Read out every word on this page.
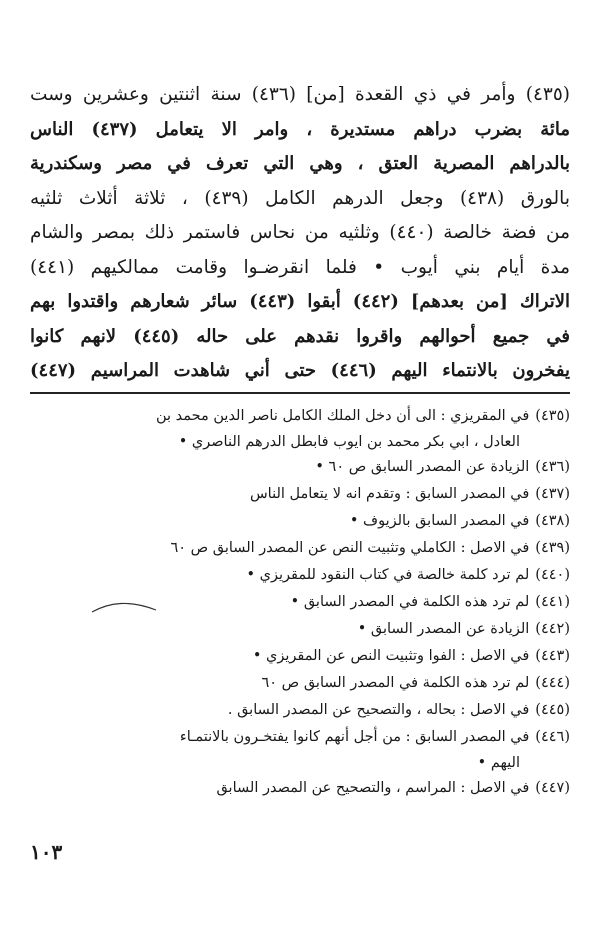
(٤٣٥) وأمر في ذي القعدة [من] (٤٣٦) سنة اثنتين وعشرين وست
مائة بضرب دراهم مستديرة ، وامر الا يتعامل (٤٣٧) الناس
بالدراهم المصرية العتق ، وهي التي تعرف في مصر وسكندرية
بالورق (٤٣٨) وجعل الدرهم الكامل (٤٣٩) ، ثلاثة أثلاث ثلثيه
من فضة خالصة (٤٤٠) وثلثيه من نحاس فاستمر ذلك بمصر والشام
مدة أيام بني أيوب • فلما انقرضـوا وقامت ممالكيهم (٤٤١)
الاتراك [من بعدهم] (٤٤٢) أبقوا (٤٤٣) سائر شعارهم واقتدوا بهم
في جميع أحوالهم واقروا نقدهم على حاله (٤٤٥) لانهم كانوا
يفخرون بالانتماء اليهم (٤٤٦) حتى أني شاهدت المراسيم (٤٤٧)
(٤٣٥)في المقريزي : الى أن دخل الملك الكامل ناصر الدين محمد بن
العادل ، ابي بكر محمد بن ايوب فابطل الدرهم الناصري •
(٤٣٦)الزيادة عن المصدر السابق ص ٦٠ •
(٤٣٧)في المصدر السابق : وتقدم انه لا يتعامل الناس
(٤٣٨)في المصدر السابق بالزيوف •
(٤٣٩)في الاصل : الكاملي وتثبيت النص عن المصدر السابق ص ٦٠
(٤٤٠)لم ترد كلمة خالصة في كتاب النقود للمقريزي •
(٤٤١)لم ترد هذه الكلمة في المصدر السابق •
(٤٤٢)الزيادة عن المصدر السابق •
(٤٤٣)في الاصل : الفوا وتثبيت النص عن المقريزي •
(٤٤٤)لم ترد هذه الكلمة في المصدر السابق ص ٦٠
(٤٤٥)في الاصل : بحاله ، والتصحيح عن المصدر السابق .
(٤٤٦)في المصدر السابق : من أجل أنهم كانوا يفتخـرون بالانتمـاء
اليهم •
(٤٤٧)في الاصل : المراسم ، والتصحيح عن المصدر السابق
١٠٣
